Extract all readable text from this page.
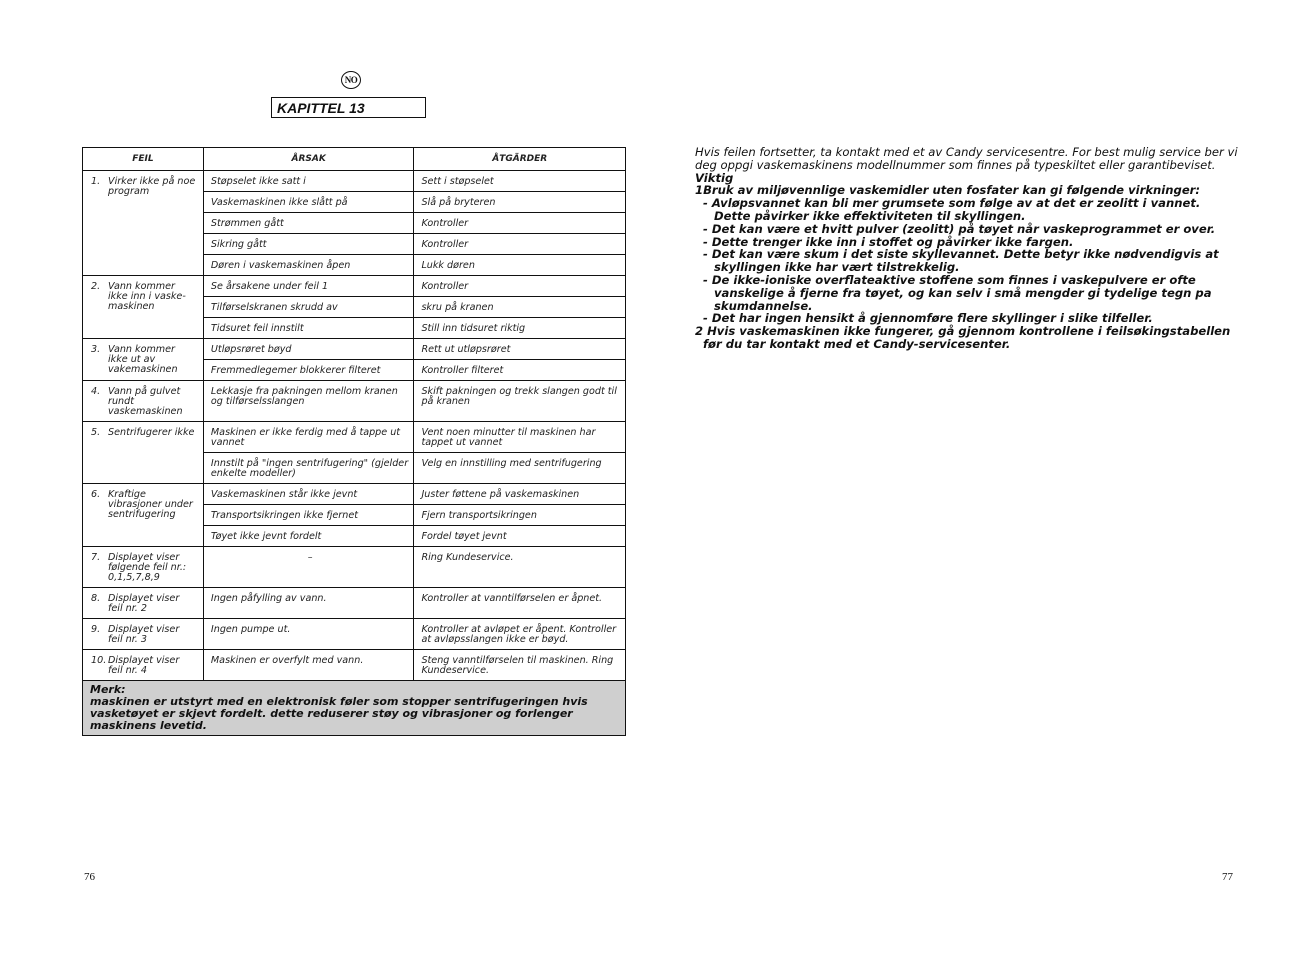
NO
KAPITTEL 13
FEIL	ÅRSAK	ÅTGÄRDER
1. Virker ikke på noe program	Støpselet ikke satt i	Sett i støpselet
	Vaskemaskinen ikke slått på	Slå på bryteren
	Strømmen gått	Kontroller
	Sikring gått	Kontroller
	Døren i vaskemaskinen åpen	Lukk døren
2. Vann kommer ikke inn i vaske-maskinen	Se årsakene under feil 1	Kontroller
	Tilførselskranen skrudd av	skru på kranen
	Tidsuret feil innstilt	Still inn tidsuret riktig
3. Vann kommer ikke ut av vakemaskinen	Utløpsrøret bøyd	Rett ut utløpsrøret
	Fremmedlegemer blokkerer filteret	Kontroller filteret
4. Vann på gulvet rundt vaskemaskinen	Lekkasje fra pakningen mellom kranen og tilførselsslangen	Skift pakningen og trekk slangen godt til på kranen
5. Sentrifugerer ikke	Maskinen er ikke ferdig med å tappe ut vannet	Vent noen minutter til maskinen har tappet ut vannet
	Innstilt på "ingen sentrifugering" (gjelder enkelte modeller)	Velg en innstilling med sentrifugering
6. Kraftige vibrasjoner under sentrifugering	Vaskemaskinen står ikke jevnt	Juster føttene på vaskemaskinen
	Transportsikringen ikke fjernet	Fjern transportsikringen
	Tøyet ikke jevnt fordelt	Fordel tøyet jevnt
7. Displayet viser følgende feil nr.: 0,1,5,7,8,9	–	Ring Kundeservice.
8. Displayet viser feil nr. 2	Ingen påfylling av vann.	Kontroller at vanntilførselen er åpnet.
9. Displayet viser feil nr. 3	Ingen pumpe ut.	Kontroller at avløpet er åpent. Kontroller at avløpsslangen ikke er bøyd.
10. Displayet viser feil nr. 4	Maskinen er overfylt med vann.	Steng vanntilførselen til maskinen. Ring Kundeservice.

Merk:
maskinen er utstyrt med en elektronisk føler som stopper sentrifugeringen hvis vasketøyet er skjevt fordelt. dette reduserer støy og vibrasjoner og forlenger maskinens levetid.		

Hvis feilen fortsetter, ta kontakt med et av Candy servicesentre. For best mulig service ber vi deg oppgi vaskemaskinens modellnummer som finnes på typeskiltet eller garantibeviset.

Viktig

1Bruk av miljøvennlige vaskemidler uten fosfater kan gi følgende virkninger:

- Avløpsvannet kan bli mer grumsete som følge av at det er zeolitt i vannet. Dette påvirker ikke effektiviteten til skyllingen.

- Det kan være et hvitt pulver (zeolitt) på tøyet når vaskeprogrammet er over.

- Dette trenger ikke inn i stoffet og påvirker ikke fargen.

- Det kan være skum i det siste skyllevannet. Dette betyr ikke nødvendigvis at skyllingen ikke har vært tilstrekkelig.

- De ikke-ioniske overflateaktive stoffene som finnes i vaskepulvere er ofte vanskelige å fjerne fra tøyet, og kan selv i små mengder gi tydelige tegn pa skumdannelse.

- Det har ingen hensikt å gjennomføre flere skyllinger i slike tilfeller.

2 Hvis vaskemaskinen ikke fungerer, gå gjennom kontrollene i feilsøkingstabellen før du tar kontakt med et Candy-servicesenter.

76	77
